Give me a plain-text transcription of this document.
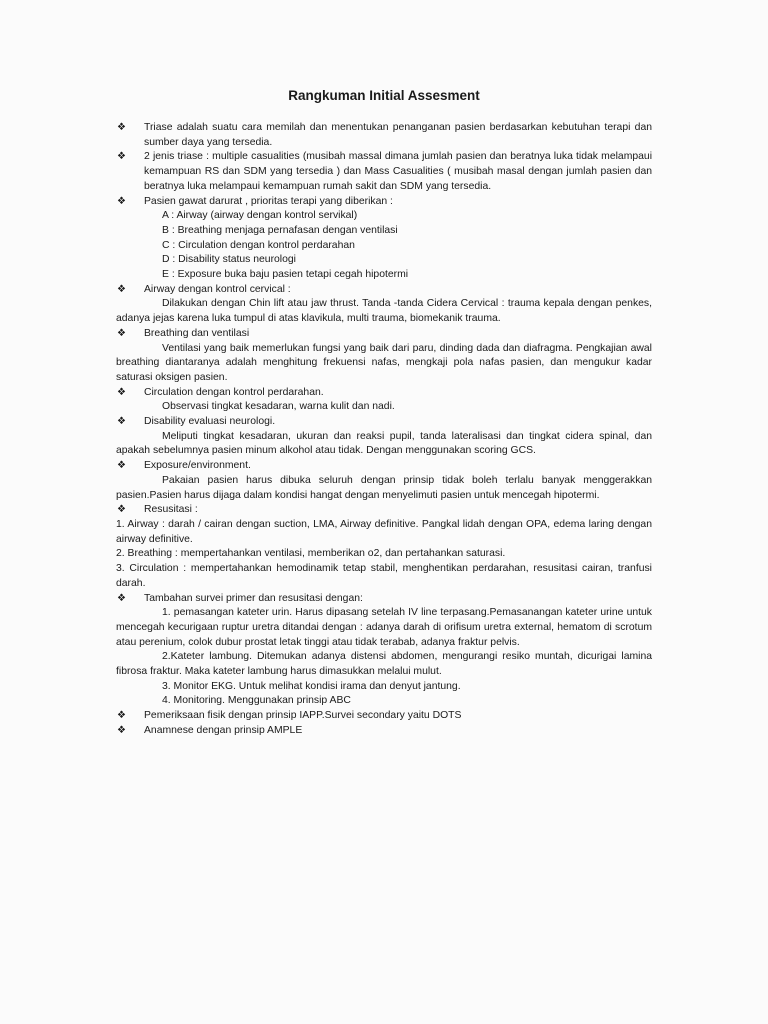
Rangkuman Initial Assesment
❖ Triase adalah suatu cara memilah dan menentukan penanganan pasien berdasarkan kebutuhan terapi dan sumber daya yang tersedia.
❖ 2 jenis triase : multiple casualities (musibah massal dimana jumlah pasien dan beratnya luka tidak melampaui kemampuan RS dan SDM yang tersedia ) dan Mass Casualities ( musibah masal dengan jumlah pasien dan beratnya luka melampaui kemampuan rumah sakit dan SDM yang tersedia.
❖ Pasien gawat darurat , prioritas terapi yang diberikan :
A : Airway (airway dengan kontrol servikal)
B : Breathing menjaga pernafasan dengan ventilasi
C : Circulation dengan kontrol perdarahan
D : Disability status neurologi
E : Exposure buka baju pasien tetapi cegah hipotermi
❖ Airway dengan kontrol cervical :
Dilakukan dengan Chin lift atau jaw thrust. Tanda -tanda Cidera Cervical : trauma kepala dengan penkes, adanya jejas karena luka tumpul di atas klavikula, multi trauma, biomekanik trauma.
❖ Breathing dan ventilasi
Ventilasi yang baik memerlukan fungsi yang baik dari paru, dinding dada dan diafragma. Pengkajian awal breathing diantaranya adalah menghitung frekuensi nafas, mengkaji pola nafas pasien, dan mengukur kadar saturasi oksigen pasien.
❖ Circulation dengan kontrol perdarahan.
Observasi tingkat kesadaran, warna kulit dan nadi.
❖ Disability evaluasi neurologi.
Meliputi tingkat kesadaran, ukuran dan reaksi pupil, tanda lateralisasi dan tingkat cidera spinal, dan apakah sebelumnya pasien minum alkohol atau tidak. Dengan menggunakan scoring GCS.
❖ Exposure/environment.
Pakaian pasien harus dibuka seluruh dengan prinsip tidak boleh terlalu banyak menggerakkan pasien.Pasien harus dijaga dalam kondisi hangat dengan menyelimuti pasien untuk mencegah hipotermi.
❖ Resusitasi :
1. Airway : darah / cairan dengan suction, LMA, Airway definitive. Pangkal lidah dengan OPA, edema laring dengan airway definitive.
2. Breathing : mempertahankan ventilasi, memberikan o2, dan pertahankan saturasi.
3. Circulation : mempertahankan hemodinamik tetap stabil, menghentikan perdarahan, resusitasi cairan, tranfusi darah.
❖ Tambahan survei primer dan resusitasi dengan:
1. pemasangan kateter urin. Harus dipasang setelah IV line terpasang.Pemasanangan kateter urine untuk mencegah kecurigaan ruptur uretra ditandai dengan : adanya darah di orifisum uretra external, hematom di scrotum atau perenium, colok dubur prostat letak tinggi atau tidak terabab, adanya fraktur pelvis.
2.Kateter lambung. Ditemukan adanya distensi abdomen, mengurangi resiko muntah, dicurigai lamina fibrosa fraktur. Maka kateter lambung harus dimasukkan melalui mulut.
3. Monitor EKG. Untuk melihat kondisi irama dan denyut jantung.
4. Monitoring. Menggunakan prinsip ABC
❖ Pemeriksaan fisik dengan prinsip IAPP.Survei secondary yaitu DOTS
❖ Anamnese dengan prinsip AMPLE
